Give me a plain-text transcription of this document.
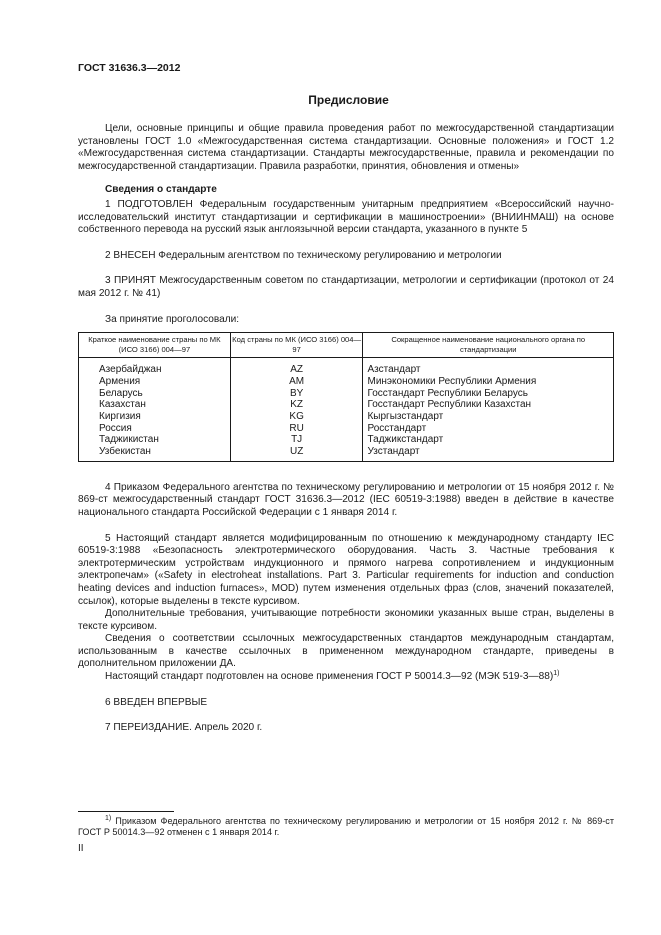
ГОСТ 31636.3—2012
Предисловие

Цели, основные принципы и общие правила проведения работ по межгосударственной стандартизации установлены ГОСТ 1.0 «Межгосударственная система стандартизации. Основные положения» и ГОСТ 1.2 «Межгосударственная система стандартизации. Стандарты межгосударственные, правила и рекомендации по межгосударственной стандартизации. Правила разработки, принятия, обновления и отмены»

Сведения о стандарте

1 ПОДГОТОВЛЕН Федеральным государственным унитарным предприятием «Всероссийский научно-исследовательский институт стандартизации и сертификации в машиностроении» (ВНИИНМАШ) на основе собственного перевода на русский язык англоязычной версии стандарта, указанного в пункте 5

2 ВНЕСЕН Федеральным агентством по техническому регулированию и метрологии

3 ПРИНЯТ Межгосударственным советом по стандартизации, метрологии и сертификации (протокол от 24 мая 2012 г. № 41)

За принятие проголосовали:

Краткое наименование страны по МК (ИСО 3166) 004—97	Код страны по МК (ИСО 3166) 004—97	Сокращенное наименование национального органа по стандартизации
Азербайджан	AZ	Азстандарт
Армения	AM	Минэкономики Республики Армения
Беларусь	BY	Госстандарт Республики Беларусь
Казахстан	KZ	Госстандарт Республики Казахстан
Киргизия	KG	Кыргызстандарт
Россия	RU	Росстандарт
Таджикистан	TJ	Таджикстандарт
Узбекистан	UZ	Узстандарт

4 Приказом Федерального агентства по техническому регулированию и метрологии от 15 ноября 2012 г. № 869-ст межгосударственный стандарт ГОСТ 31636.3—2012 (IEC 60519-3:1988) введен в действие в качестве национального стандарта Российской Федерации с 1 января 2014 г.

5 Настоящий стандарт является модифицированным по отношению к международному стандарту IEC 60519-3:1988 «Безопасность электротермического оборудования. Часть 3. Частные требования к электротермическим устройствам индукционного и прямого нагрева сопротивлением и индукционным электропечам» («Safety in electroheat installations. Part 3. Particular requirements for induction and conduction heating devices and induction furnaces», MOD) путем изменения отдельных фраз (слов, значений показателей, ссылок), которые выделены в тексте курсивом.

Дополнительные требования, учитывающие потребности экономики указанных выше стран, выделены в тексте курсивом.

Сведения о соответствии ссылочных межгосударственных стандартов международным стандартам, использованным в качестве ссылочных в примененном международном стандарте, приведены в дополнительном приложении ДА.

Настоящий стандарт подготовлен на основе применения ГОСТ Р 50014.3—92 (МЭК 519-3—88)$^{1)}$

6 ВВЕДЕН ВПЕРВЫЕ

7 ПЕРЕИЗДАНИЕ. Апрель 2020 г.

$^{1)}$ Приказом Федерального агентства по техническому регулированию и метрологии от 15 ноября 2012 г. № 869-ст ГОСТ Р 50014.3—92 отменен с 1 января 2014 г.

II
